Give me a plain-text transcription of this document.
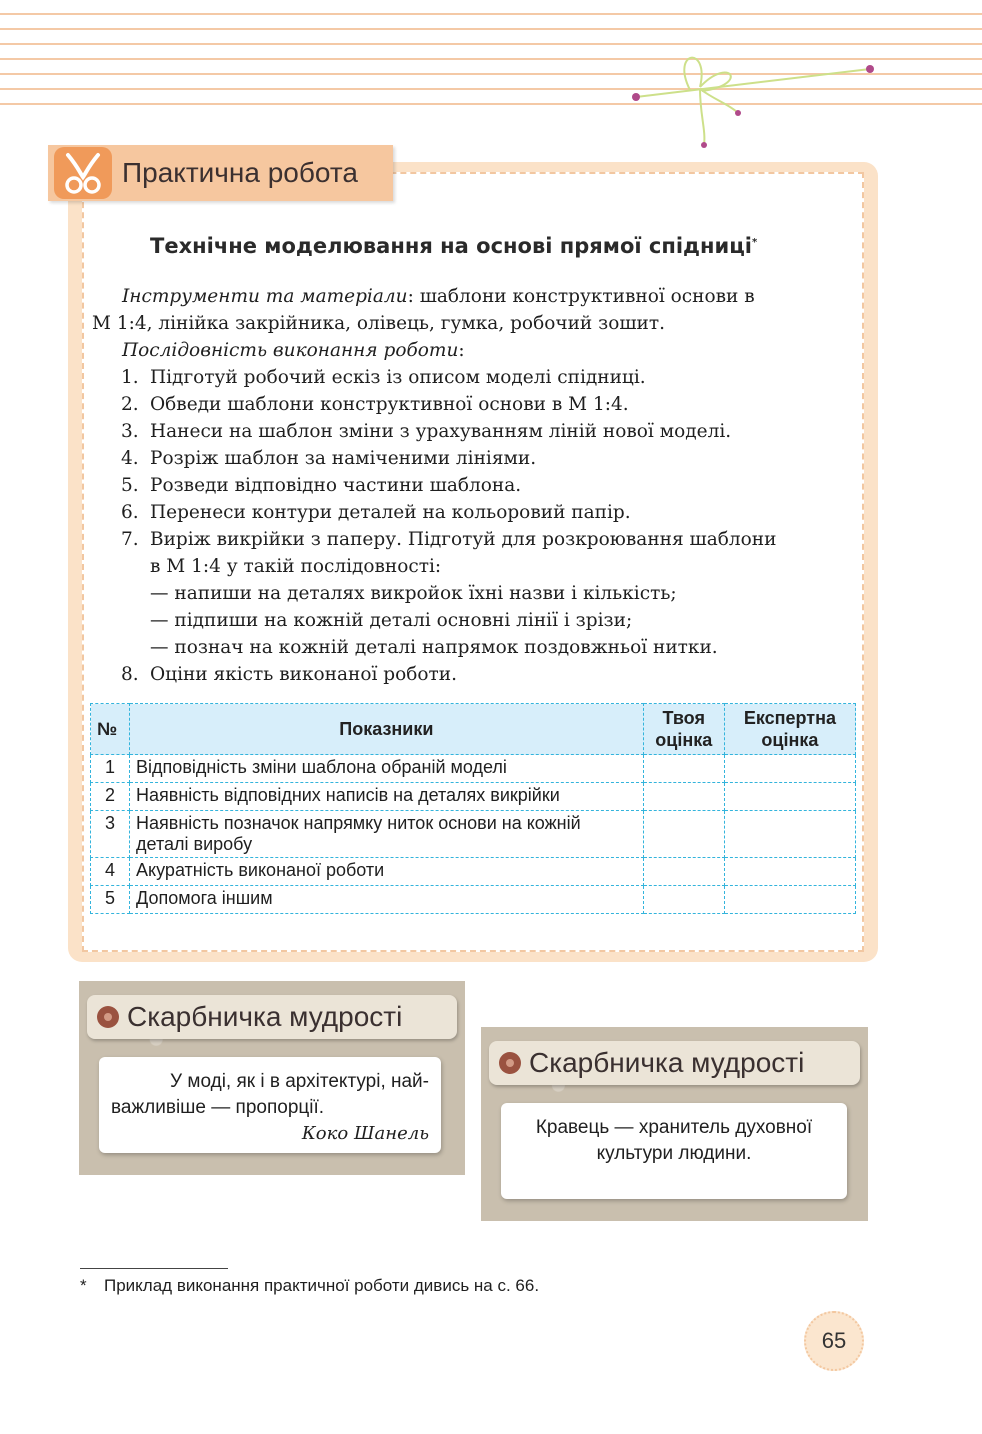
Практична робота
Технічне моделювання на основі прямої спідниці*

Інструменти та матеріали: шаблони конструктивної основи в

М 1:4, лінійка закрійника, олівець, гумка, робочий зошит.

Послідовність виконання роботи:

1. Підготуй робочий ескіз із описом моделі спідниці.

2. Обведи шаблони конструктивної основи в М 1:4.

3. Нанеси на шаблон зміни з урахуванням ліній нової моделі.

4. Розріж шаблон за наміченими лініями.

5. Розведи відповідно частини шаблона.

6. Перенеси контури деталей на кольоровий папір.

7. Виріж викрійки з паперу. Підготуй для розкроювання шаблони

в М 1:4 у такій послідовності:

— напиши на деталях викройок їхні назви і кількість;

— підпиши на кожній деталі основні лінії і зрізи;

— познач на кожній деталі напрямок поздовжньої нитки.

8. Оціни якість виконаної роботи.

№	Показники	Твоя оцінка	Експертна оцінка
1	Відповідність зміни шаблона обраній моделі		
2	Наявність відповідних написів на деталях викрійки		
3	Наявність позначок напрямку ниток основи на кожній деталі виробу		
4	Акуратність виконаної роботи		
5	Допомога іншим		
Скарбничка мудрості
У моді, як і в архітектурі, най-
важливіше — пропорції.
Коко Шанель
Скарбничка мудрості
Кравець — хранитель духовної
культури людини.
* Приклад виконання практичної роботи дивись на с. 66.
65
